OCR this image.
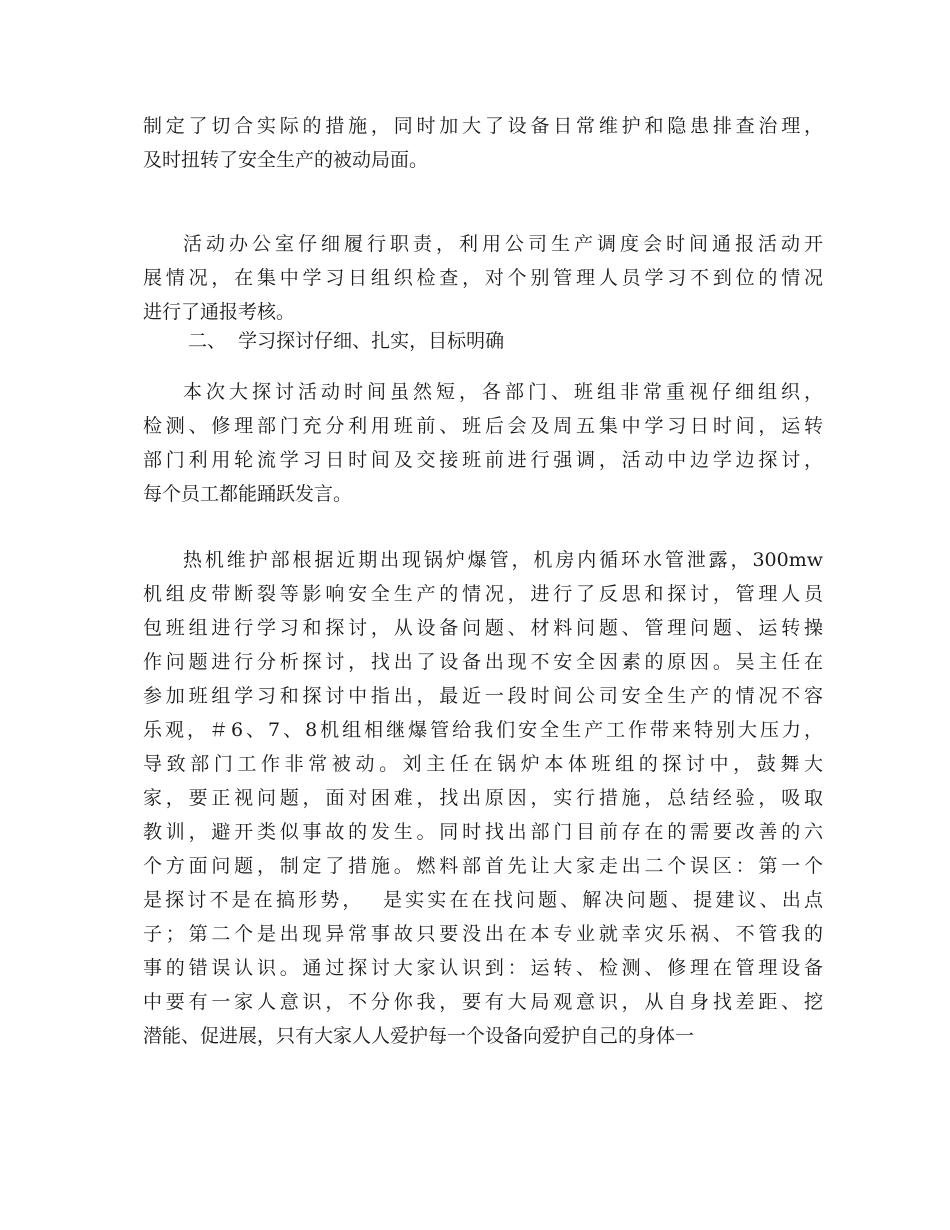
制定了切合实际的措施，同时加大了设备日常维护和隐患排查治理，
及时扭转了安全生产的被动局面。
活动办公室仔细履行职责，利用公司生产调度会时间通报活动开
展情况，在集中学习日组织检查，对个别管理人员学习不到位的情况
进行了通报考核。
二、  学习探讨仔细、扎实，目标明确
本次大探讨活动时间虽然短，各部门、班组非常重视仔细组织，
检测、修理部门充分利用班前、班后会及周五集中学习日时间，运转
部门利用轮流学习日时间及交接班前进行强调，活动中边学边探讨，
每个员工都能踊跃发言。
热机维护部根据近期出现锅炉爆管，机房内循环水管泄露，300mw
机组皮带断裂等影响安全生产的情况，进行了反思和探讨，管理人员
包班组进行学习和探讨，从设备问题、材料问题、管理问题、运转操
作问题进行分析探讨，找出了设备出现不安全因素的原因。吴主任在
参加班组学习和探讨中指出，最近一段时间公司安全生产的情况不容
乐观，＃6、7、8机组相继爆管给我们安全生产工作带来特别大压力，
导致部门工作非常被动。刘主任在锅炉本体班组的探讨中，鼓舞大
家，要正视问题，面对困难，找出原因，实行措施，总结经验，吸取
教训，避开类似事故的发生。同时找出部门目前存在的需要改善的六
个方面问题，制定了措施。燃料部首先让大家走出二个误区：第一个
是探讨不是在搞形势，  是实实在在找问题、解决问题、提建议、出点
子；第二个是出现异常事故只要没出在本专业就幸灾乐祸、不管我的
事的错误认识。通过探讨大家认识到：运转、检测、修理在管理设备
中要有一家人意识，不分你我，要有大局观意识，从自身找差距、挖
潜能、促进展，只有大家人人爱护每一个设备向爱护自己的身体一
